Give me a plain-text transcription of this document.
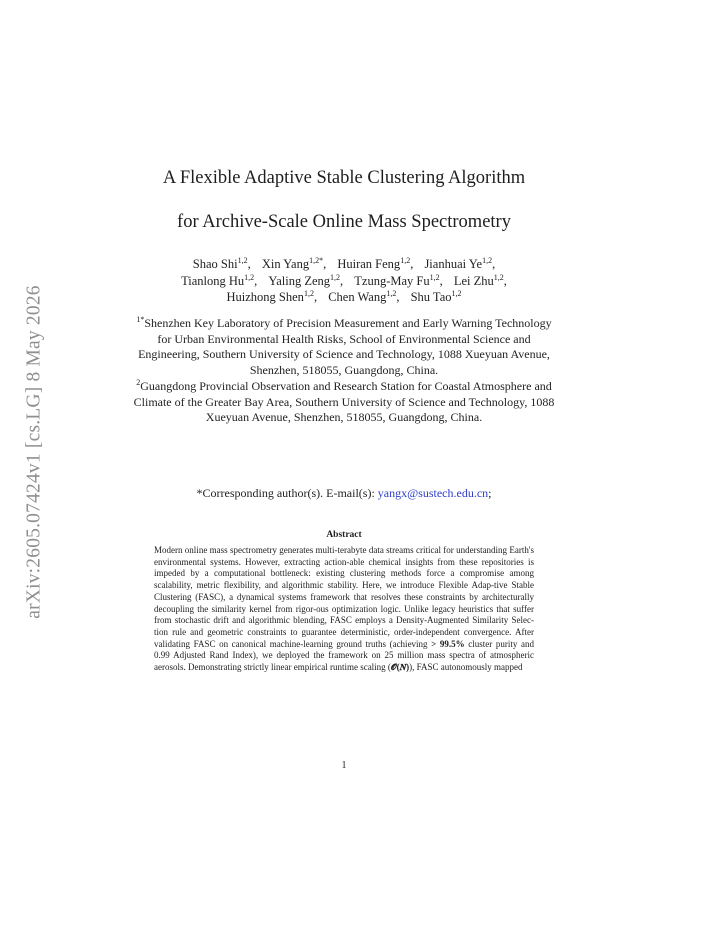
arXiv:2605.07424v1 [cs.LG] 8 May 2026
A Flexible Adaptive Stable Clustering Algorithm
for Archive-Scale Online Mass Spectrometry
Shao Shi$^{1,2}$, Xin Yang$^{1,2*}$, Huiran Feng$^{1,2}$, Jianhuai Ye$^{1,2}$,
Tianlong Hu$^{1,2}$, Yaling Zeng$^{1,2}$, Tzung-May Fu$^{1,2}$, Lei Zhu$^{1,2}$,
Huizhong Shen$^{1,2}$, Chen Wang$^{1,2}$, Shu Tao$^{1,2}$

$^{1*}$Shenzhen Key Laboratory of Precision Measurement and Early Warning Technology for Urban Environmental Health Risks, School of Environmental Science and Engineering, Southern University of Science and Technology, 1088 Xueyuan Avenue, Shenzhen, 518055, Guangdong, China.

$^2$Guangdong Provincial Observation and Research Station for Coastal Atmosphere and Climate of the Greater Bay Area, Southern University of Science and Technology, 1088 Xueyuan Avenue, Shenzhen, 518055, Guangdong, China.

*Corresponding author(s). E-mail(s): yangx@sustech.edu.cn;
Abstract

Modern online mass spectrometry generates multi-terabyte data streams critical for understanding Earth's environmental systems. However, extracting action-able chemical insights from these repositories is impeded by a computational bottleneck: existing clustering methods force a compromise among scalability, metric flexibility, and algorithmic stability. Here, we introduce Flexible Adap-tive Stable Clustering (FASC), a dynamical systems framework that resolves these constraints by architecturally decoupling the similarity kernel from rigor-ous optimization logic. Unlike legacy heuristics that suffer from stochastic drift and algorithmic blending, FASC employs a Density-Augmented Similarity Selec-tion rule and geometric constraints to guarantee deterministic, order-independent convergence. After validating FASC on canonical machine-learning ground truths (achieving > 99.5% cluster purity and 0.99 Adjusted Rand Index), we deployed the framework on 25 million mass spectra of atmospheric aerosols. Demonstrating strictly linear empirical runtime scaling (𝓞(𝑵)), FASC autonomously mapped

1
